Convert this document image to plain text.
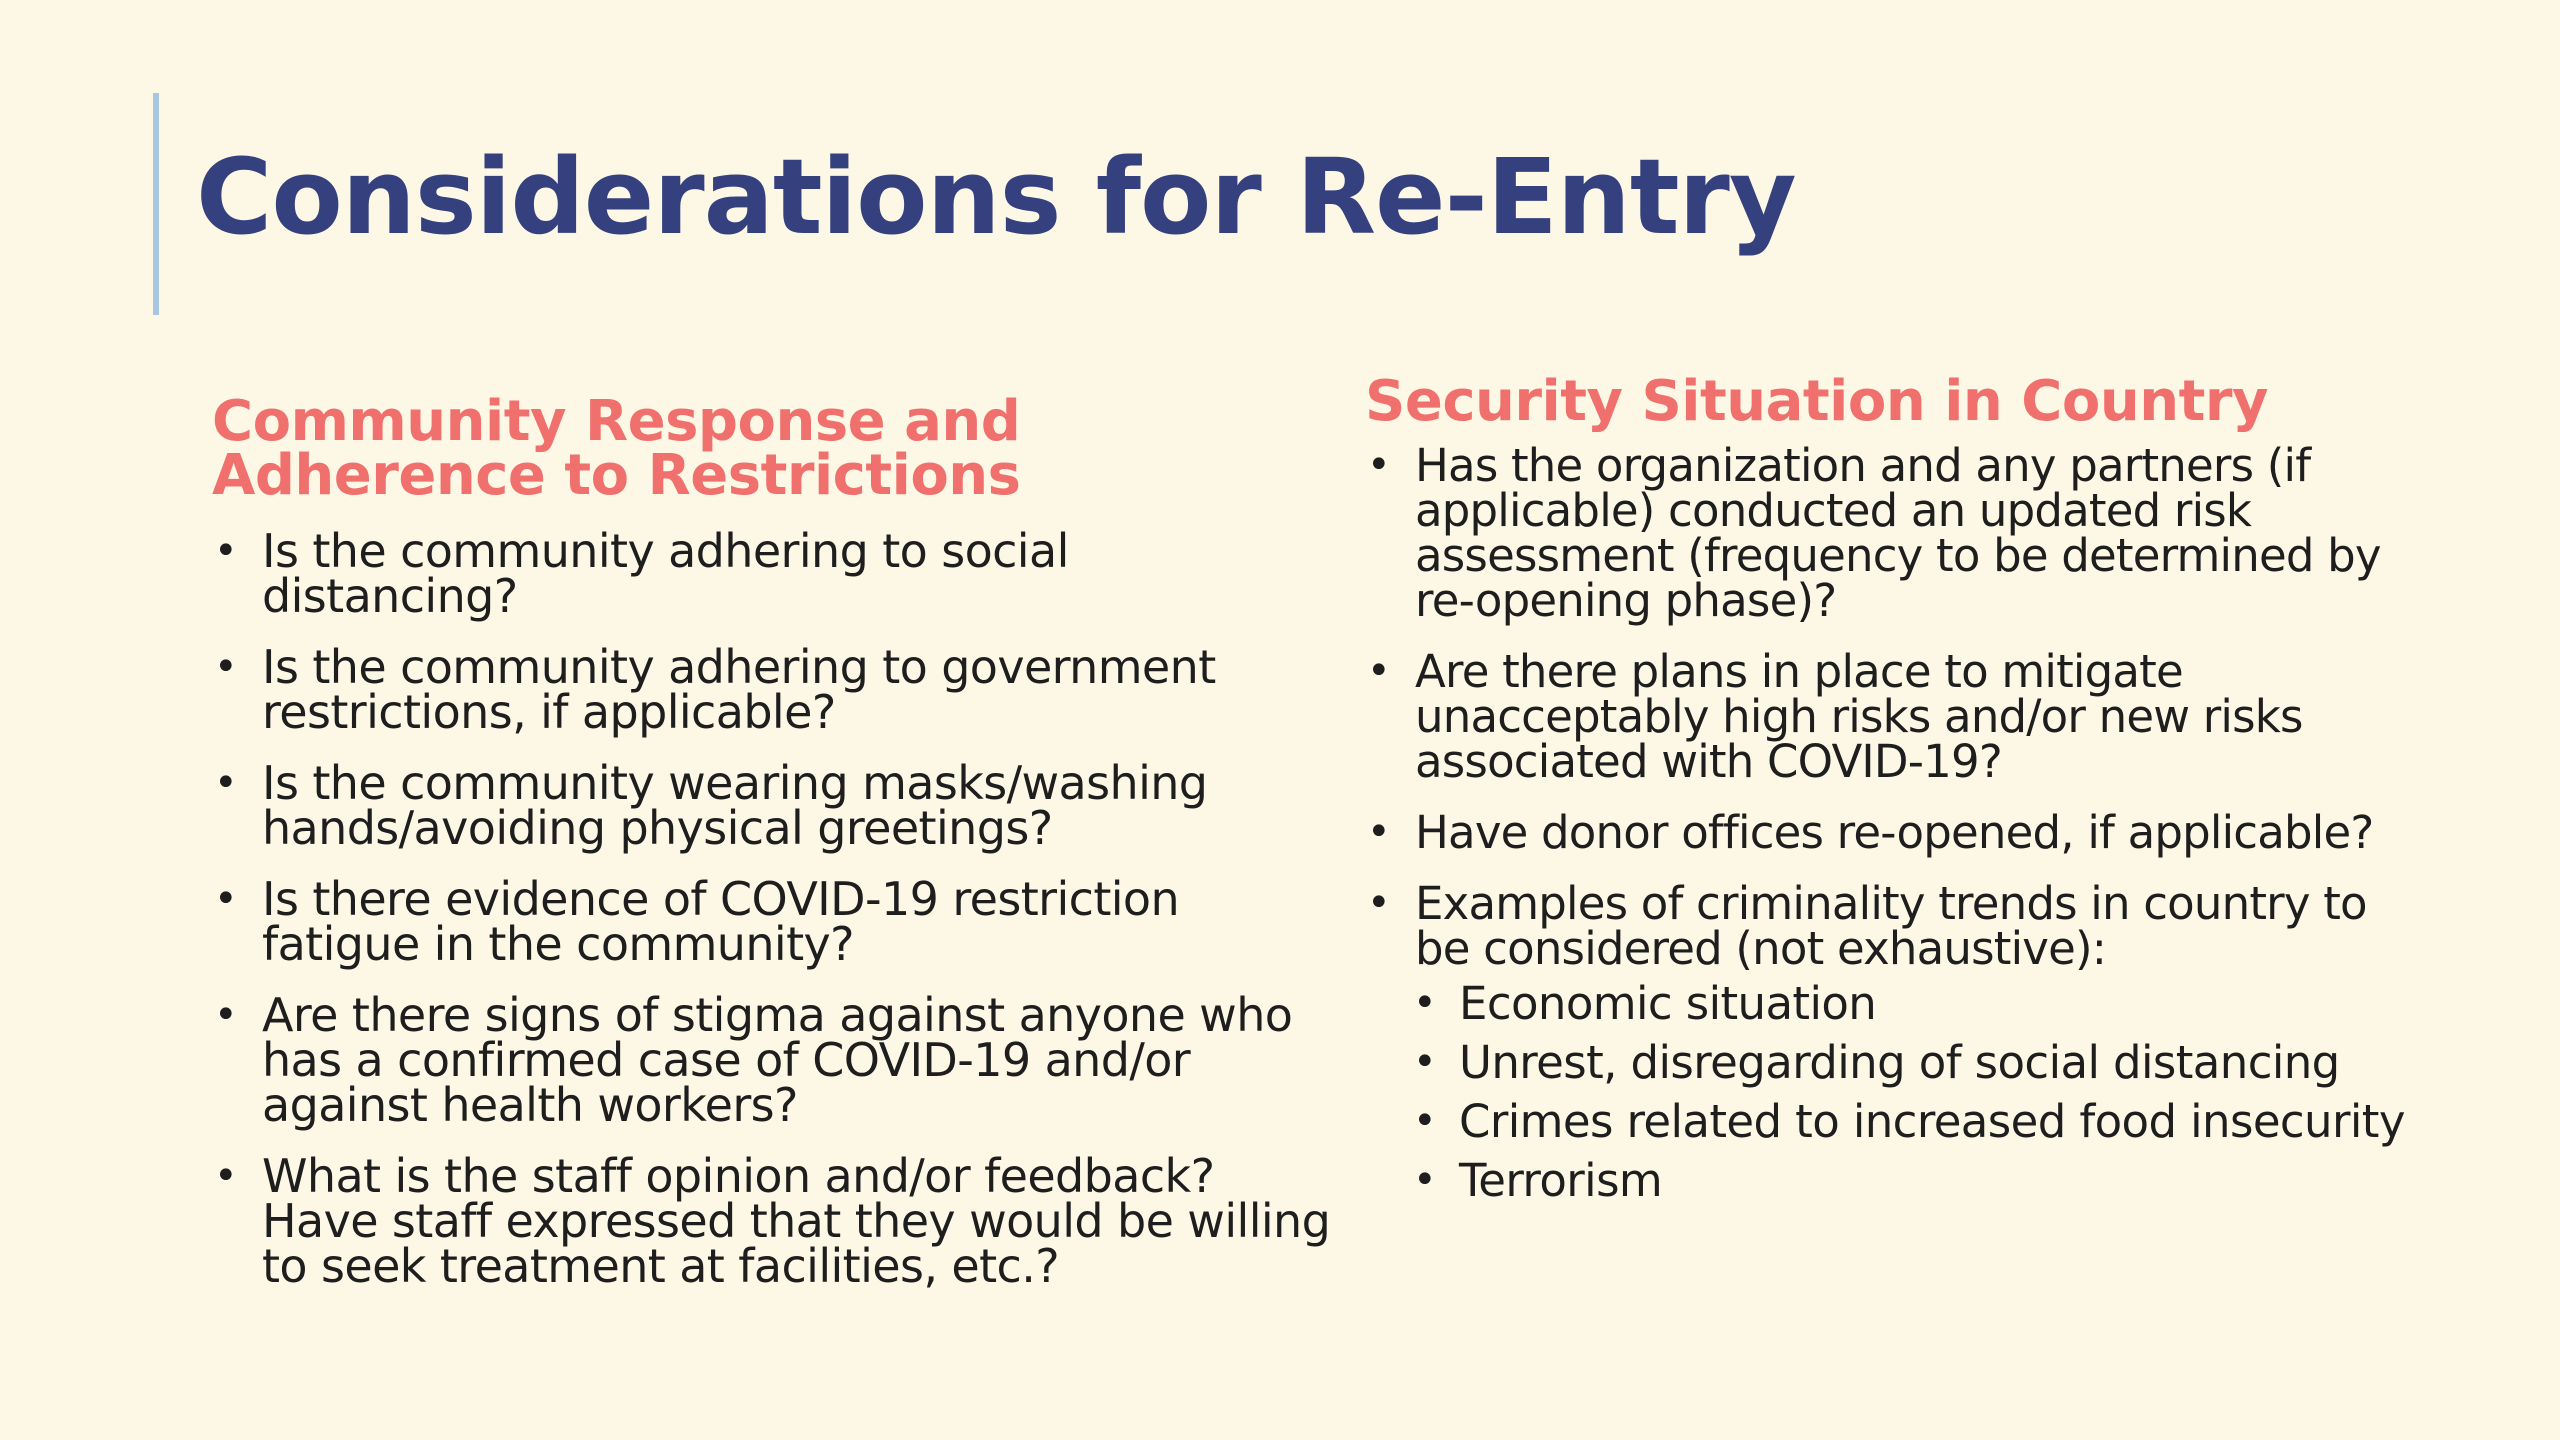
Considerations for Re-Entry
Community Response and Adherence to Restrictions
• Is the community adhering to social distancing?
• Is the community adhering to government restrictions, if applicable?
• Is the community wearing masks/washing hands/avoiding physical greetings?
• Is there evidence of COVID-19 restriction fatigue in the community?
• Are there signs of stigma against anyone who has a confirmed case of COVID-19 and/or against health workers?
• What is the staff opinion and/or feedback? Have staff expressed that they would be willing to seek treatment at facilities, etc.?
Security Situation in Country
• Has the organization and any partners (if applicable) conducted an updated risk assessment (frequency to be determined by re-opening phase)?
• Are there plans in place to mitigate unacceptably high risks and/or new risks associated with COVID-19?
• Have donor offices re-opened, if applicable?
• Examples of criminality trends in country to be considered (not exhaustive):
• Economic situation
• Unrest, disregarding of social distancing
• Crimes related to increased food insecurity
• Terrorism
